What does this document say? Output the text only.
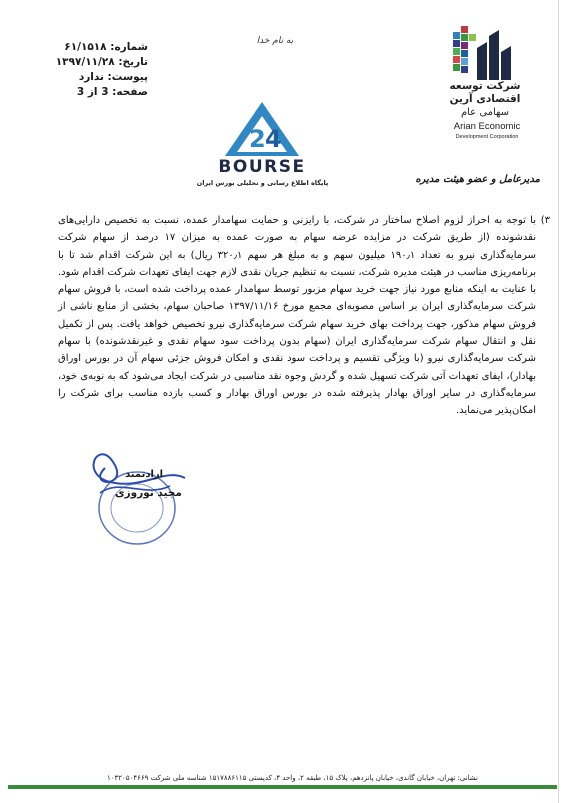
شماره: ۶۱/۱۵۱۸
تاریخ: ۱۳۹۷/۱۱/۲۸
پیوست: ندارد
صفحه: 3 از 3
به نام خدا
شرکت توسعه
اقتصادی آرین
سهامی عام
Arian Economic
Development Corporation
2 4
BOURSE
پایگاه اطلاع رسانی و تحلیلی بورس ایران	مدیرعامل و عضو هیئت مدیره
۳)
با توجه به احراز لزوم اصلاح ساختار در شرکت، با رایزنی و حمایت سهامدار عمده، نسبت به تخصیص دارایی‌های نقدشونده (از طریق شرکت در مزایده عرضه سهام به صورت عمده به میزان ۱۷ درصد از سهام شرکت سرمایه‌گذاری نیرو به تعداد ۱۹۰٫۱ میلیون سهم و به مبلغ هر سهم ۳۲۰٫۱ ریال) به این شرکت اقدام شد تا با برنامه‌ریزی مناسب در هیئت مدیره شرکت، نسبت به تنظیم جریان نقدی لازم جهت ایفای تعهدات شرکت اقدام شود. با عنایت به اینکه منابع مورد نیاز جهت خرید سهام مزبور توسط سهامدار عمده پرداخت شده است، با فروش سهام شرکت سرمایه‌گذاری ایران بر اساس مصوبه‌ای مجمع مورخ ۱۳۹۷/۱۱/۱۶ صاحبان سهام، بخشی از منابع ناشی از فروش سهام مذکور، جهت پرداخت بهای خرید سهام شرکت سرمایه‌گذاری نیرو تخصیص خواهد یافت. پس از تکمیل نقل و انتقال سهام شرکت سرمایه‌گذاری ایران (سهام بدون پرداخت سود سهام نقدی و غیرنقدشونده) با سهام شرکت سرمایه‌گذاری نیرو (با ویژگی تقسیم و پرداخت سود نقدی و امکان فروش جزئی سهام آن در بورس اوراق بهادار)، ایفای تعهدات آتی شرکت تسهیل شده و گردش وجوه نقد مناسبی در شرکت ایجاد می‌شود که به نوبه‌ی خود، سرمایه‌گذاری در سایر اوراق بهادار پذیرفته شده در بورس اوراق بهادار و کسب بازده مناسب برای شرکت را امکان‌پذیر می‌نماید.
ارادتمند
مجید نوروزی
نشانی: تهران، خیابان گاندی، خیابان پانزدهم، پلاک ۱۵، طبقه ۲، واحد ۴، کدپستی ۱۵۱۷۸۸۶۱۱۵ شناسه ملی شرکت ۱۰۳۲۰۵۰۴۶۶۹
